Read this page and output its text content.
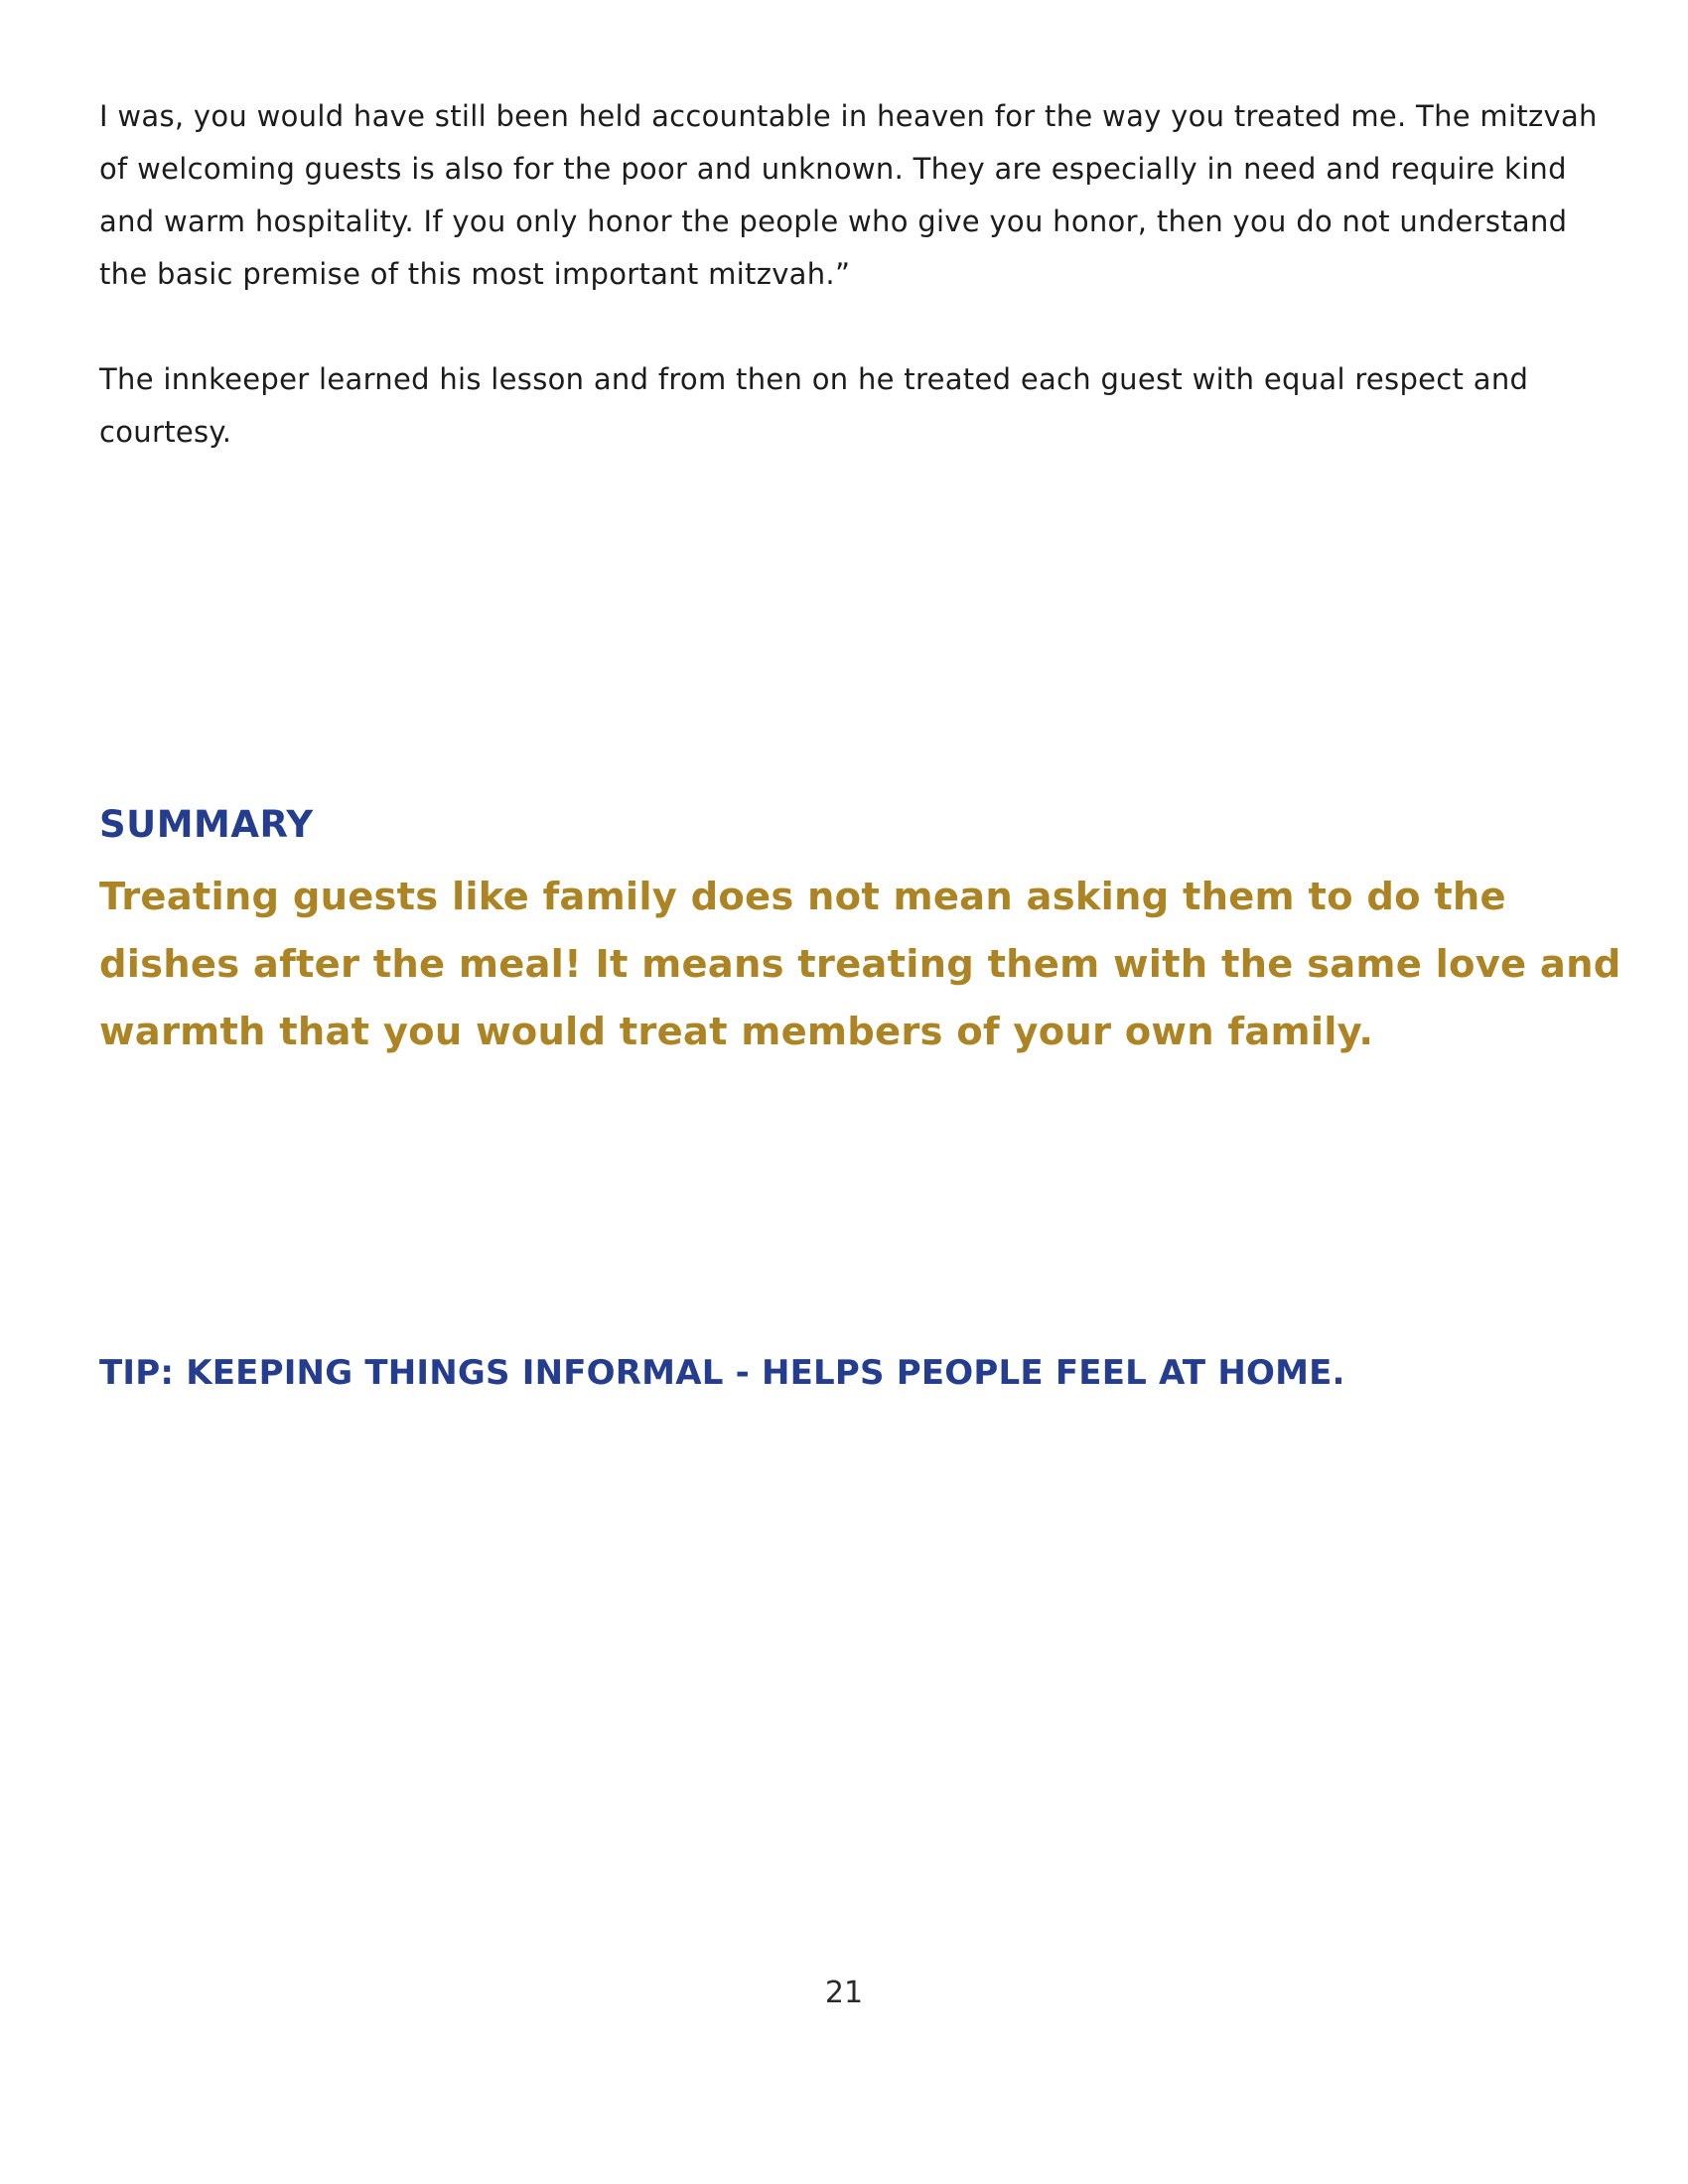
I was, you would have still been held accountable in heaven for the way you treated me. The mitzvah of welcoming guests is also for the poor and unknown. They are especially in need and require kind and warm hospitality. If you only honor the people who give you honor, then you do not understand the basic premise of this most important mitzvah.”

The innkeeper learned his lesson and from then on he treated each guest with equal respect and courtesy.

SUMMARY

Treating guests like family does not mean asking them to do the dishes after the meal! It means treating them with the same love and warmth that you would treat members of your own family.

TIP: KEEPING THINGS INFORMAL - HELPS PEOPLE FEEL AT HOME.

21
